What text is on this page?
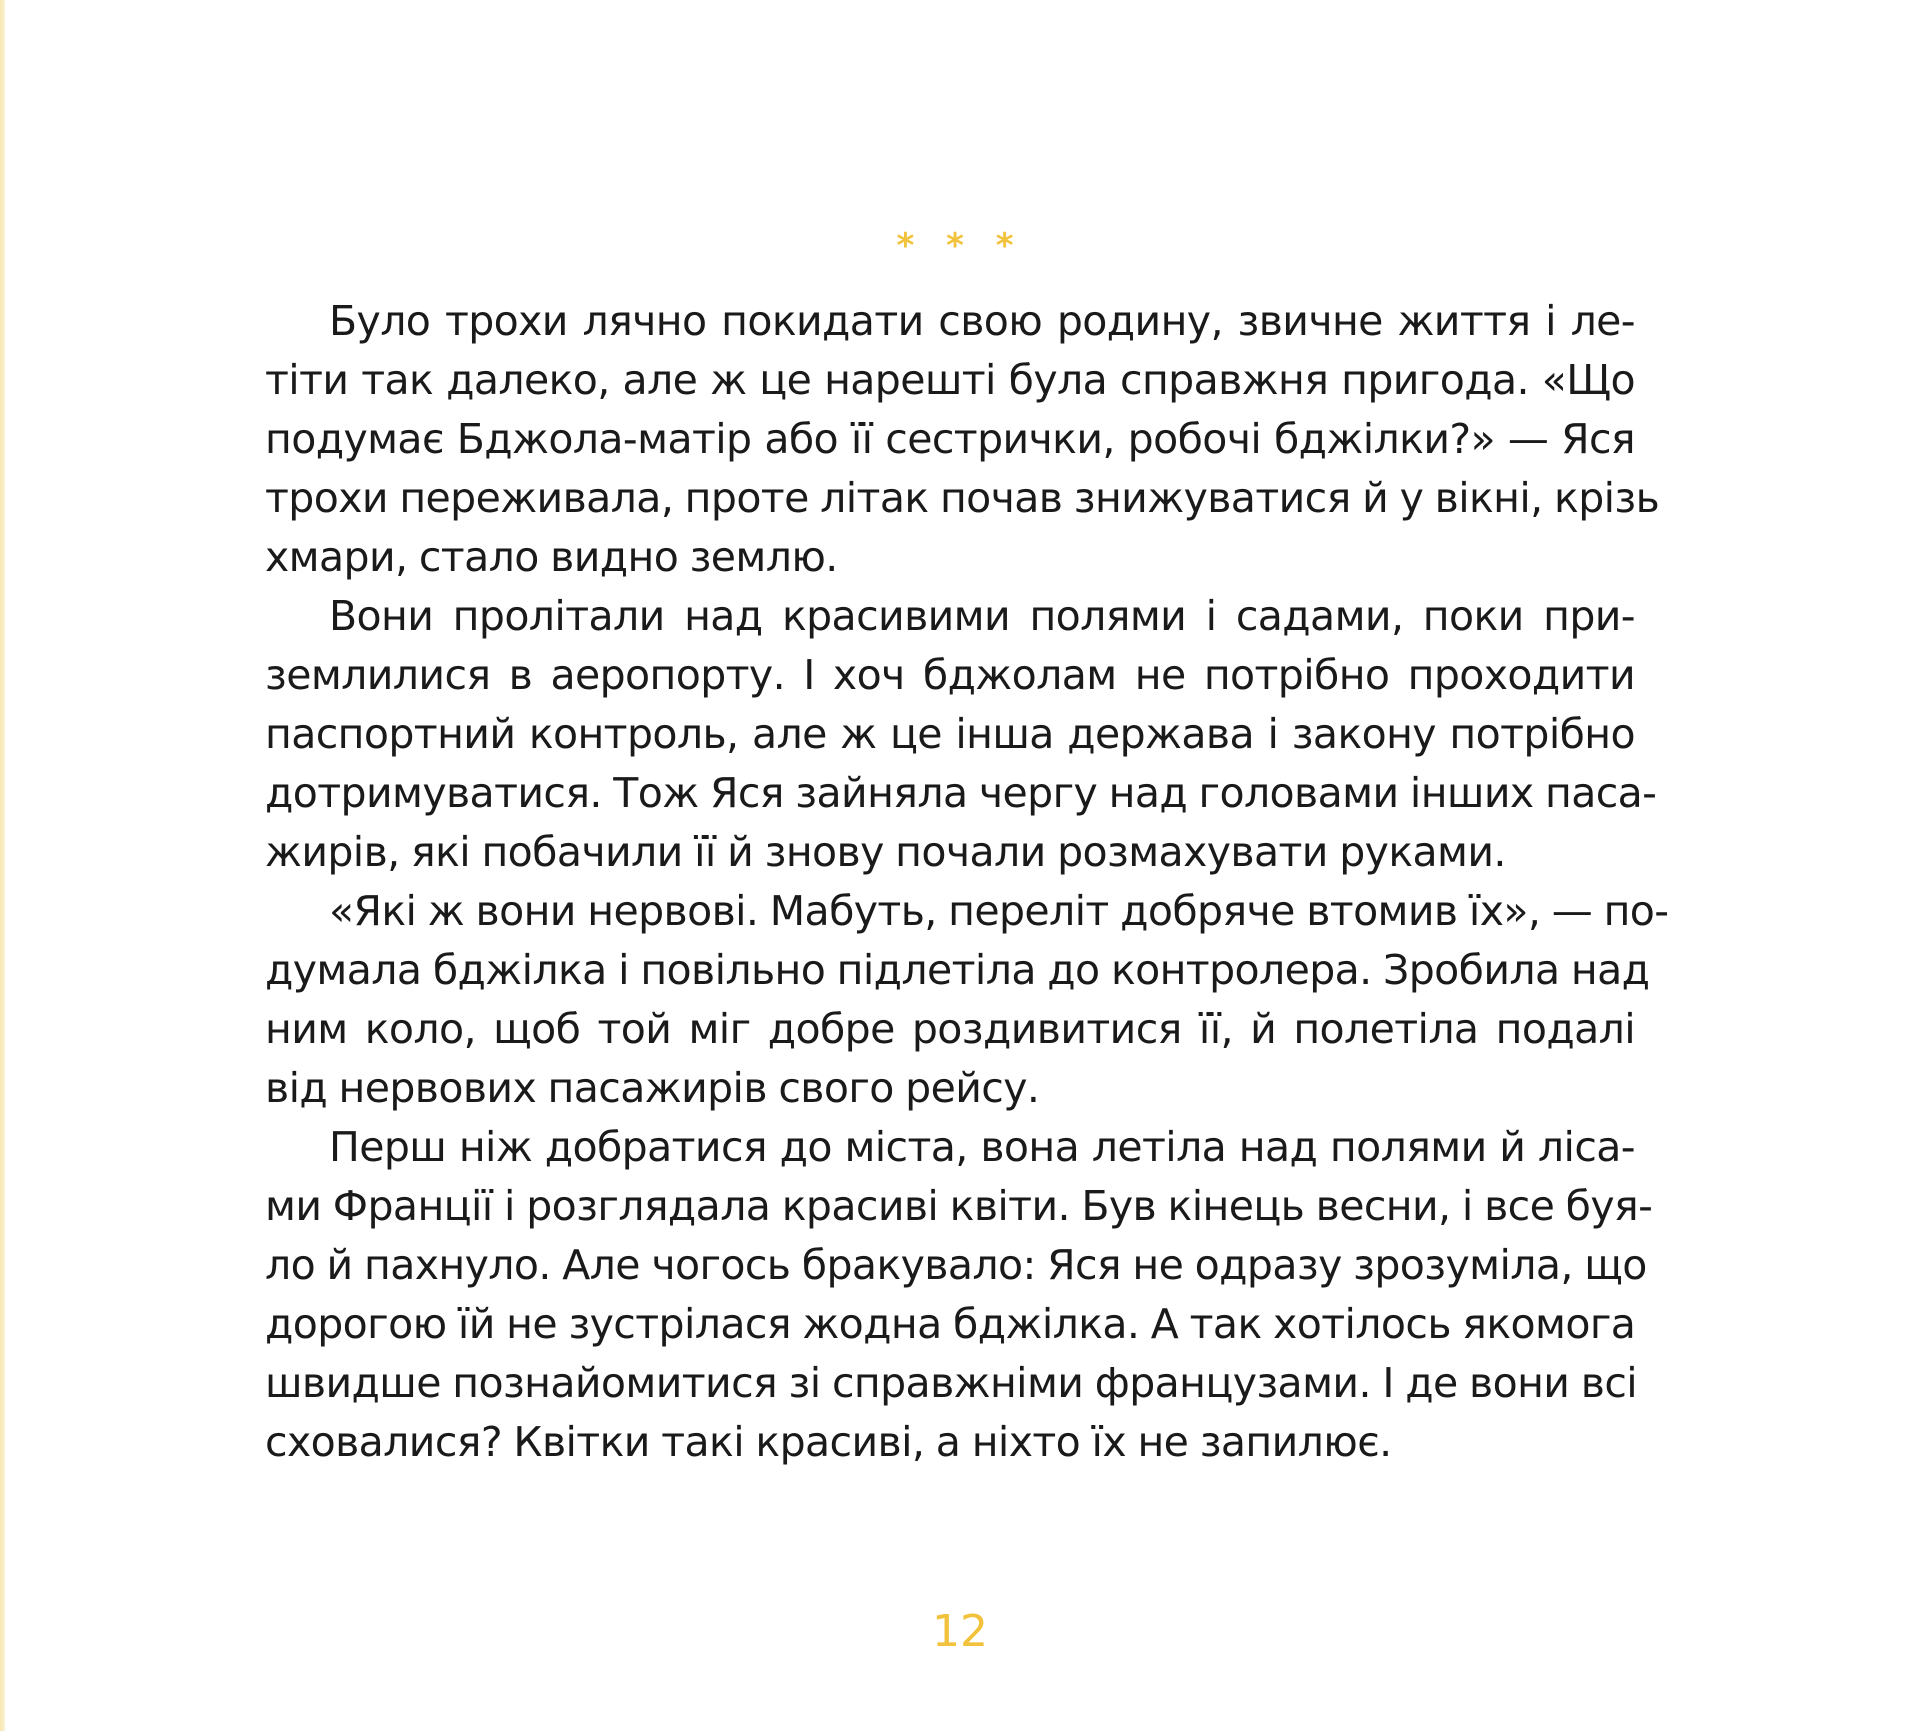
* * *
Було трохи лячно покидати свою родину, звичне життя і ле-
тіти так далеко, але ж це нарешті була справжня пригода. «Що
подумає Бджола-матір або її сестрички, робочі бджілки?» — Яся
трохи переживала, проте літак почав знижуватися й у вікні, крізь
хмари, стало видно землю.
Вони пролітали над красивими полями і садами, поки при-
землилися в аеропорту. І хоч бджолам не потрібно проходити
паспортний контроль, але ж це інша держава і закону потрібно
дотримуватися. Тож Яся зайняла чергу над головами інших паса-
жирів, які побачили її й знову почали розмахувати руками.
«Які ж вони нервові. Мабуть, переліт добряче втомив їх», — по-
думала бджілка і повільно підлетіла до контролера. Зробила над
ним коло, щоб той міг добре роздивитися її, й полетіла подалі
від нервових пасажирів свого рейсу.
Перш ніж добратися до міста, вона летіла над полями й ліса-
ми Франції і розглядала красиві квіти. Був кінець весни, і все буя-
ло й пахнуло. Але чогось бракувало: Яся не одразу зрозуміла, що
дорогою їй не зустрілася жодна бджілка. А так хотілось якомога
швидше познайомитися зі справжніми французами. І де вони всі
сховалися? Квітки такі красиві, а ніхто їх не запилює.
12
